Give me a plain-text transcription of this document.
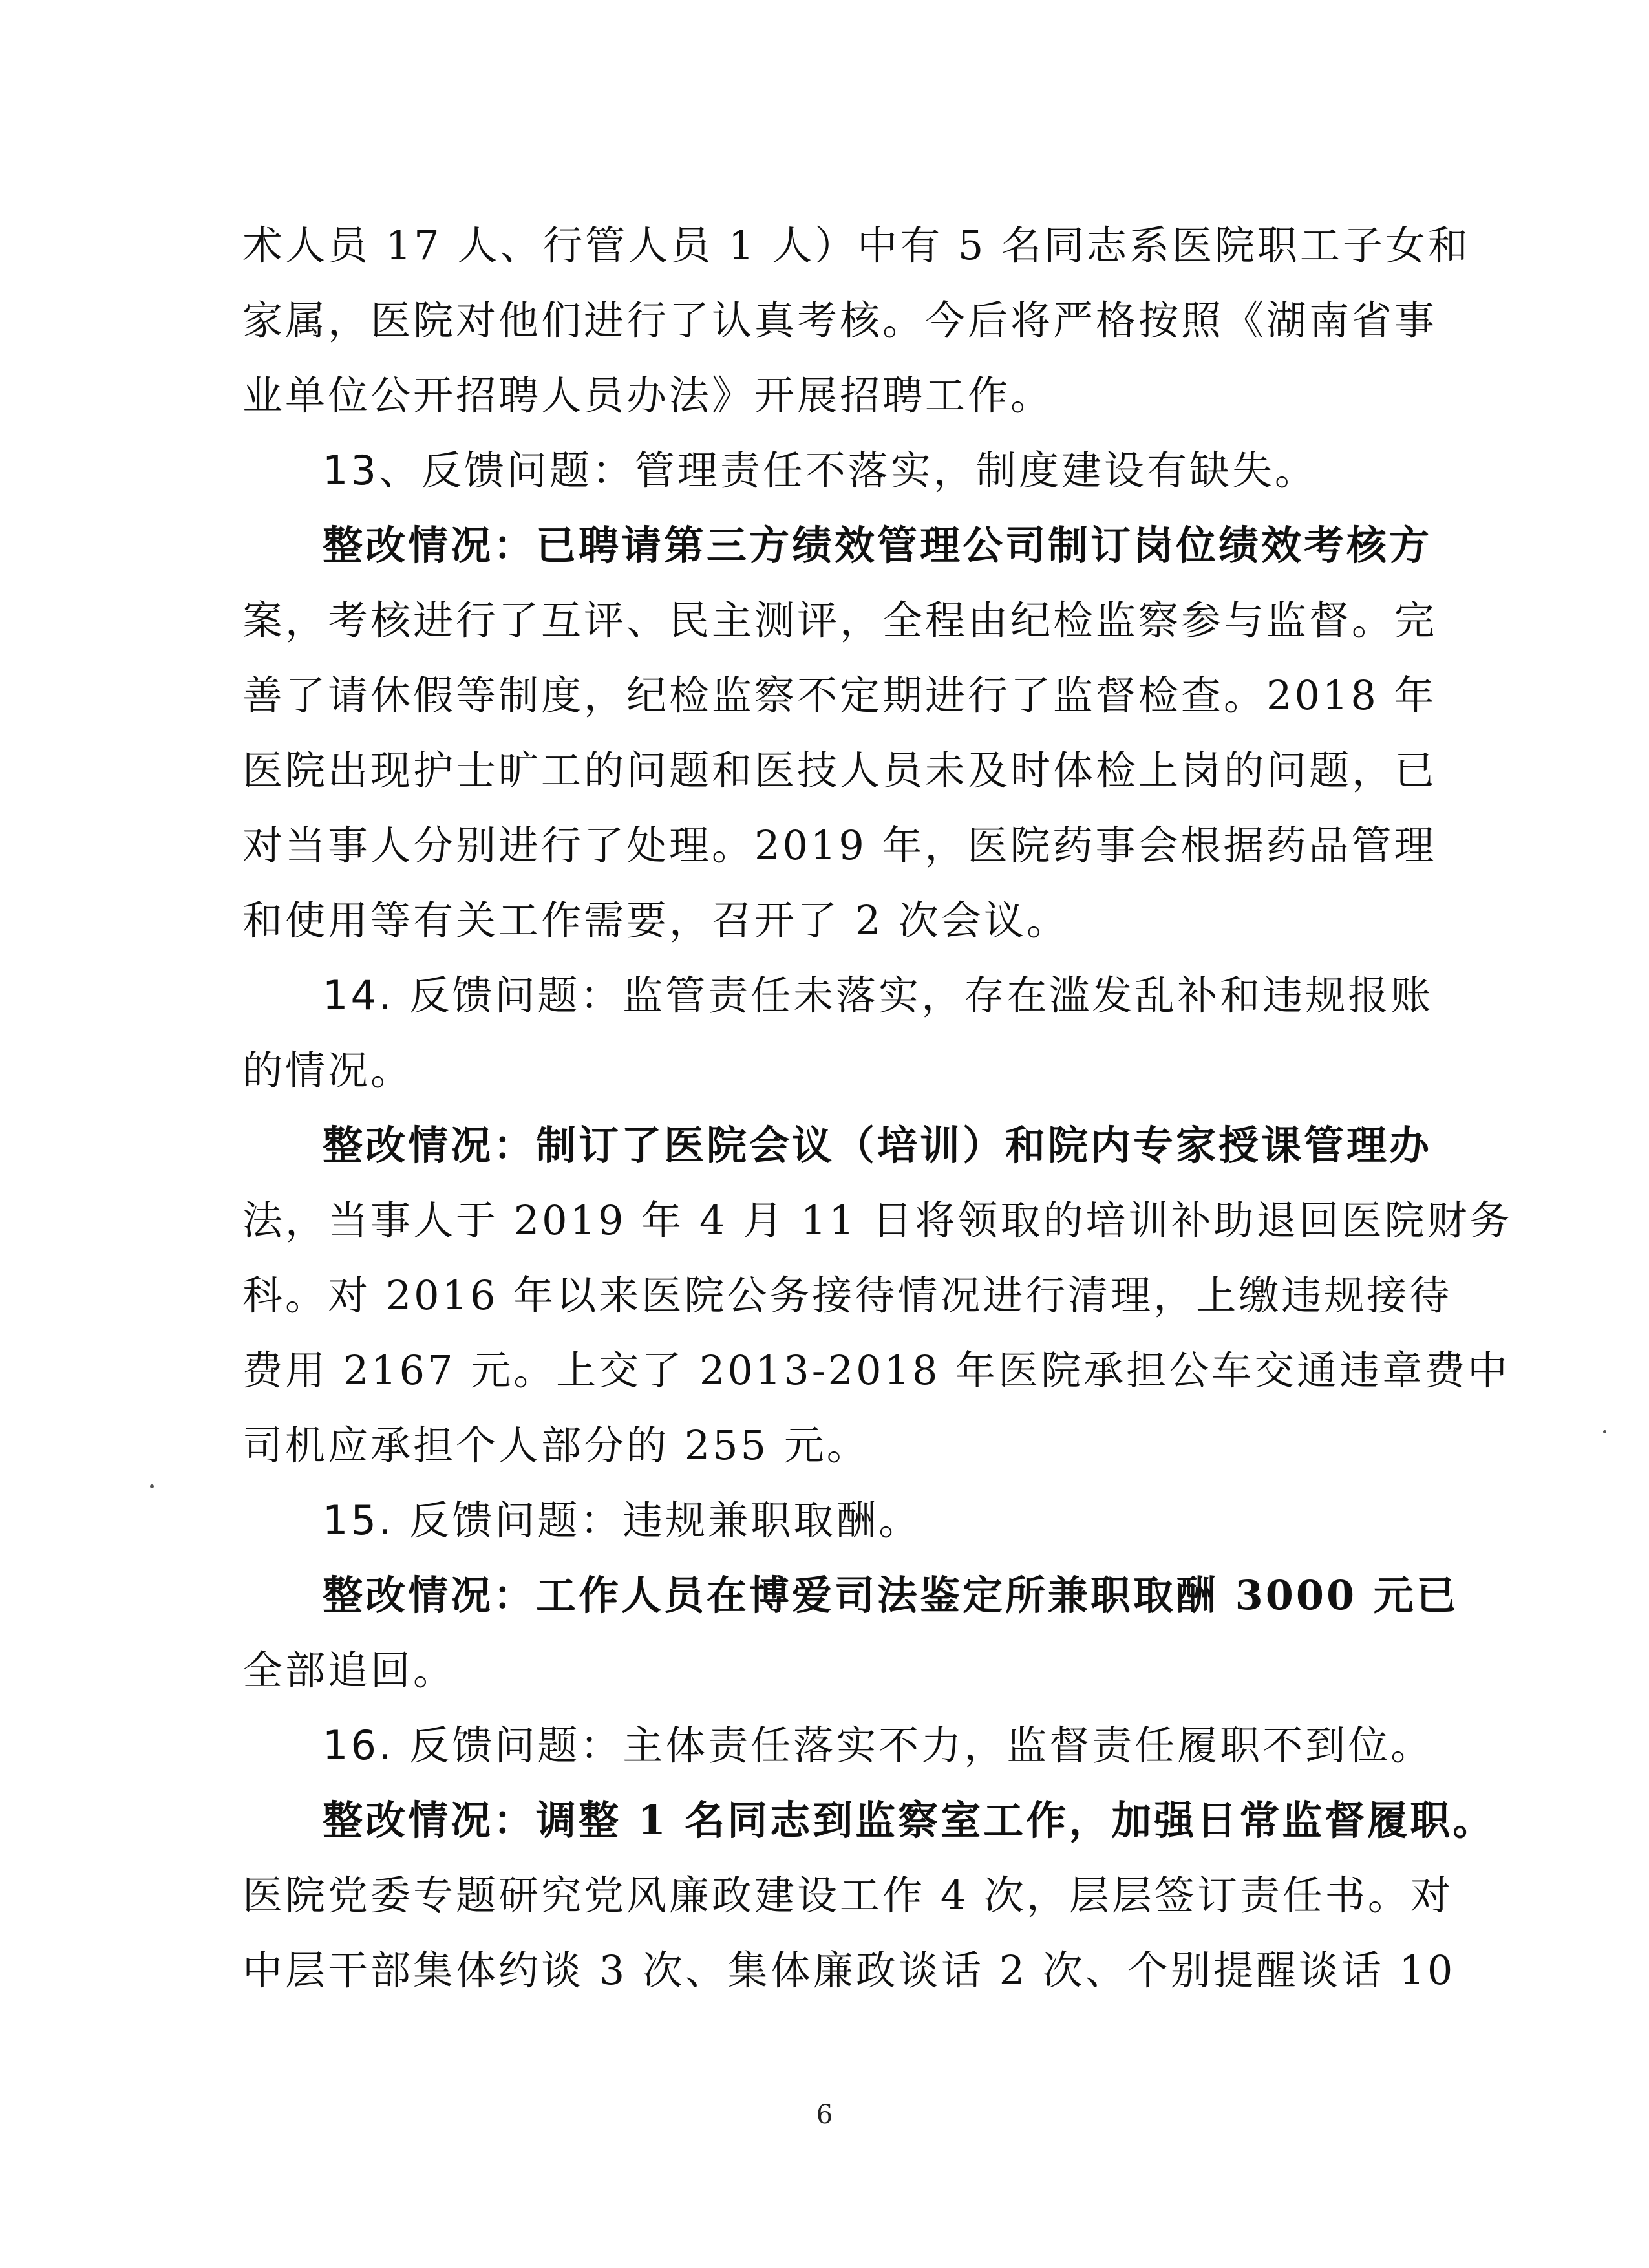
术人员 17 人、行管人员 1 人）中有 5 名同志系医院职工子女和
家属，医院对他们进行了认真考核。今后将严格按照《湖南省事
业单位公开招聘人员办法》开展招聘工作。
13、反馈问题：管理责任不落实，制度建设有缺失。
整改情况：已聘请第三方绩效管理公司制订岗位绩效考核方
案，考核进行了互评、民主测评，全程由纪检监察参与监督。完
善了请休假等制度，纪检监察不定期进行了监督检查。2018 年
医院出现护士旷工的问题和医技人员未及时体检上岗的问题，已
对当事人分别进行了处理。2019 年，医院药事会根据药品管理
和使用等有关工作需要，召开了 2 次会议。
14. 反馈问题：监管责任未落实，存在滥发乱补和违规报账
的情况。
整改情况：制订了医院会议（培训）和院内专家授课管理办
法，当事人于 2019 年 4 月 11 日将领取的培训补助退回医院财务
科。对 2016 年以来医院公务接待情况进行清理，上缴违规接待
费用 2167 元。上交了 2013-2018 年医院承担公车交通违章费中
司机应承担个人部分的 255 元。
15. 反馈问题：违规兼职取酬。
整改情况：工作人员在博爱司法鉴定所兼职取酬 3000 元已
全部追回。
16. 反馈问题：主体责任落实不力，监督责任履职不到位。
整改情况：调整 1 名同志到监察室工作，加强日常监督履职。
医院党委专题研究党风廉政建设工作 4 次，层层签订责任书。对
中层干部集体约谈 3 次、集体廉政谈话 2 次、个别提醒谈话 10
6
